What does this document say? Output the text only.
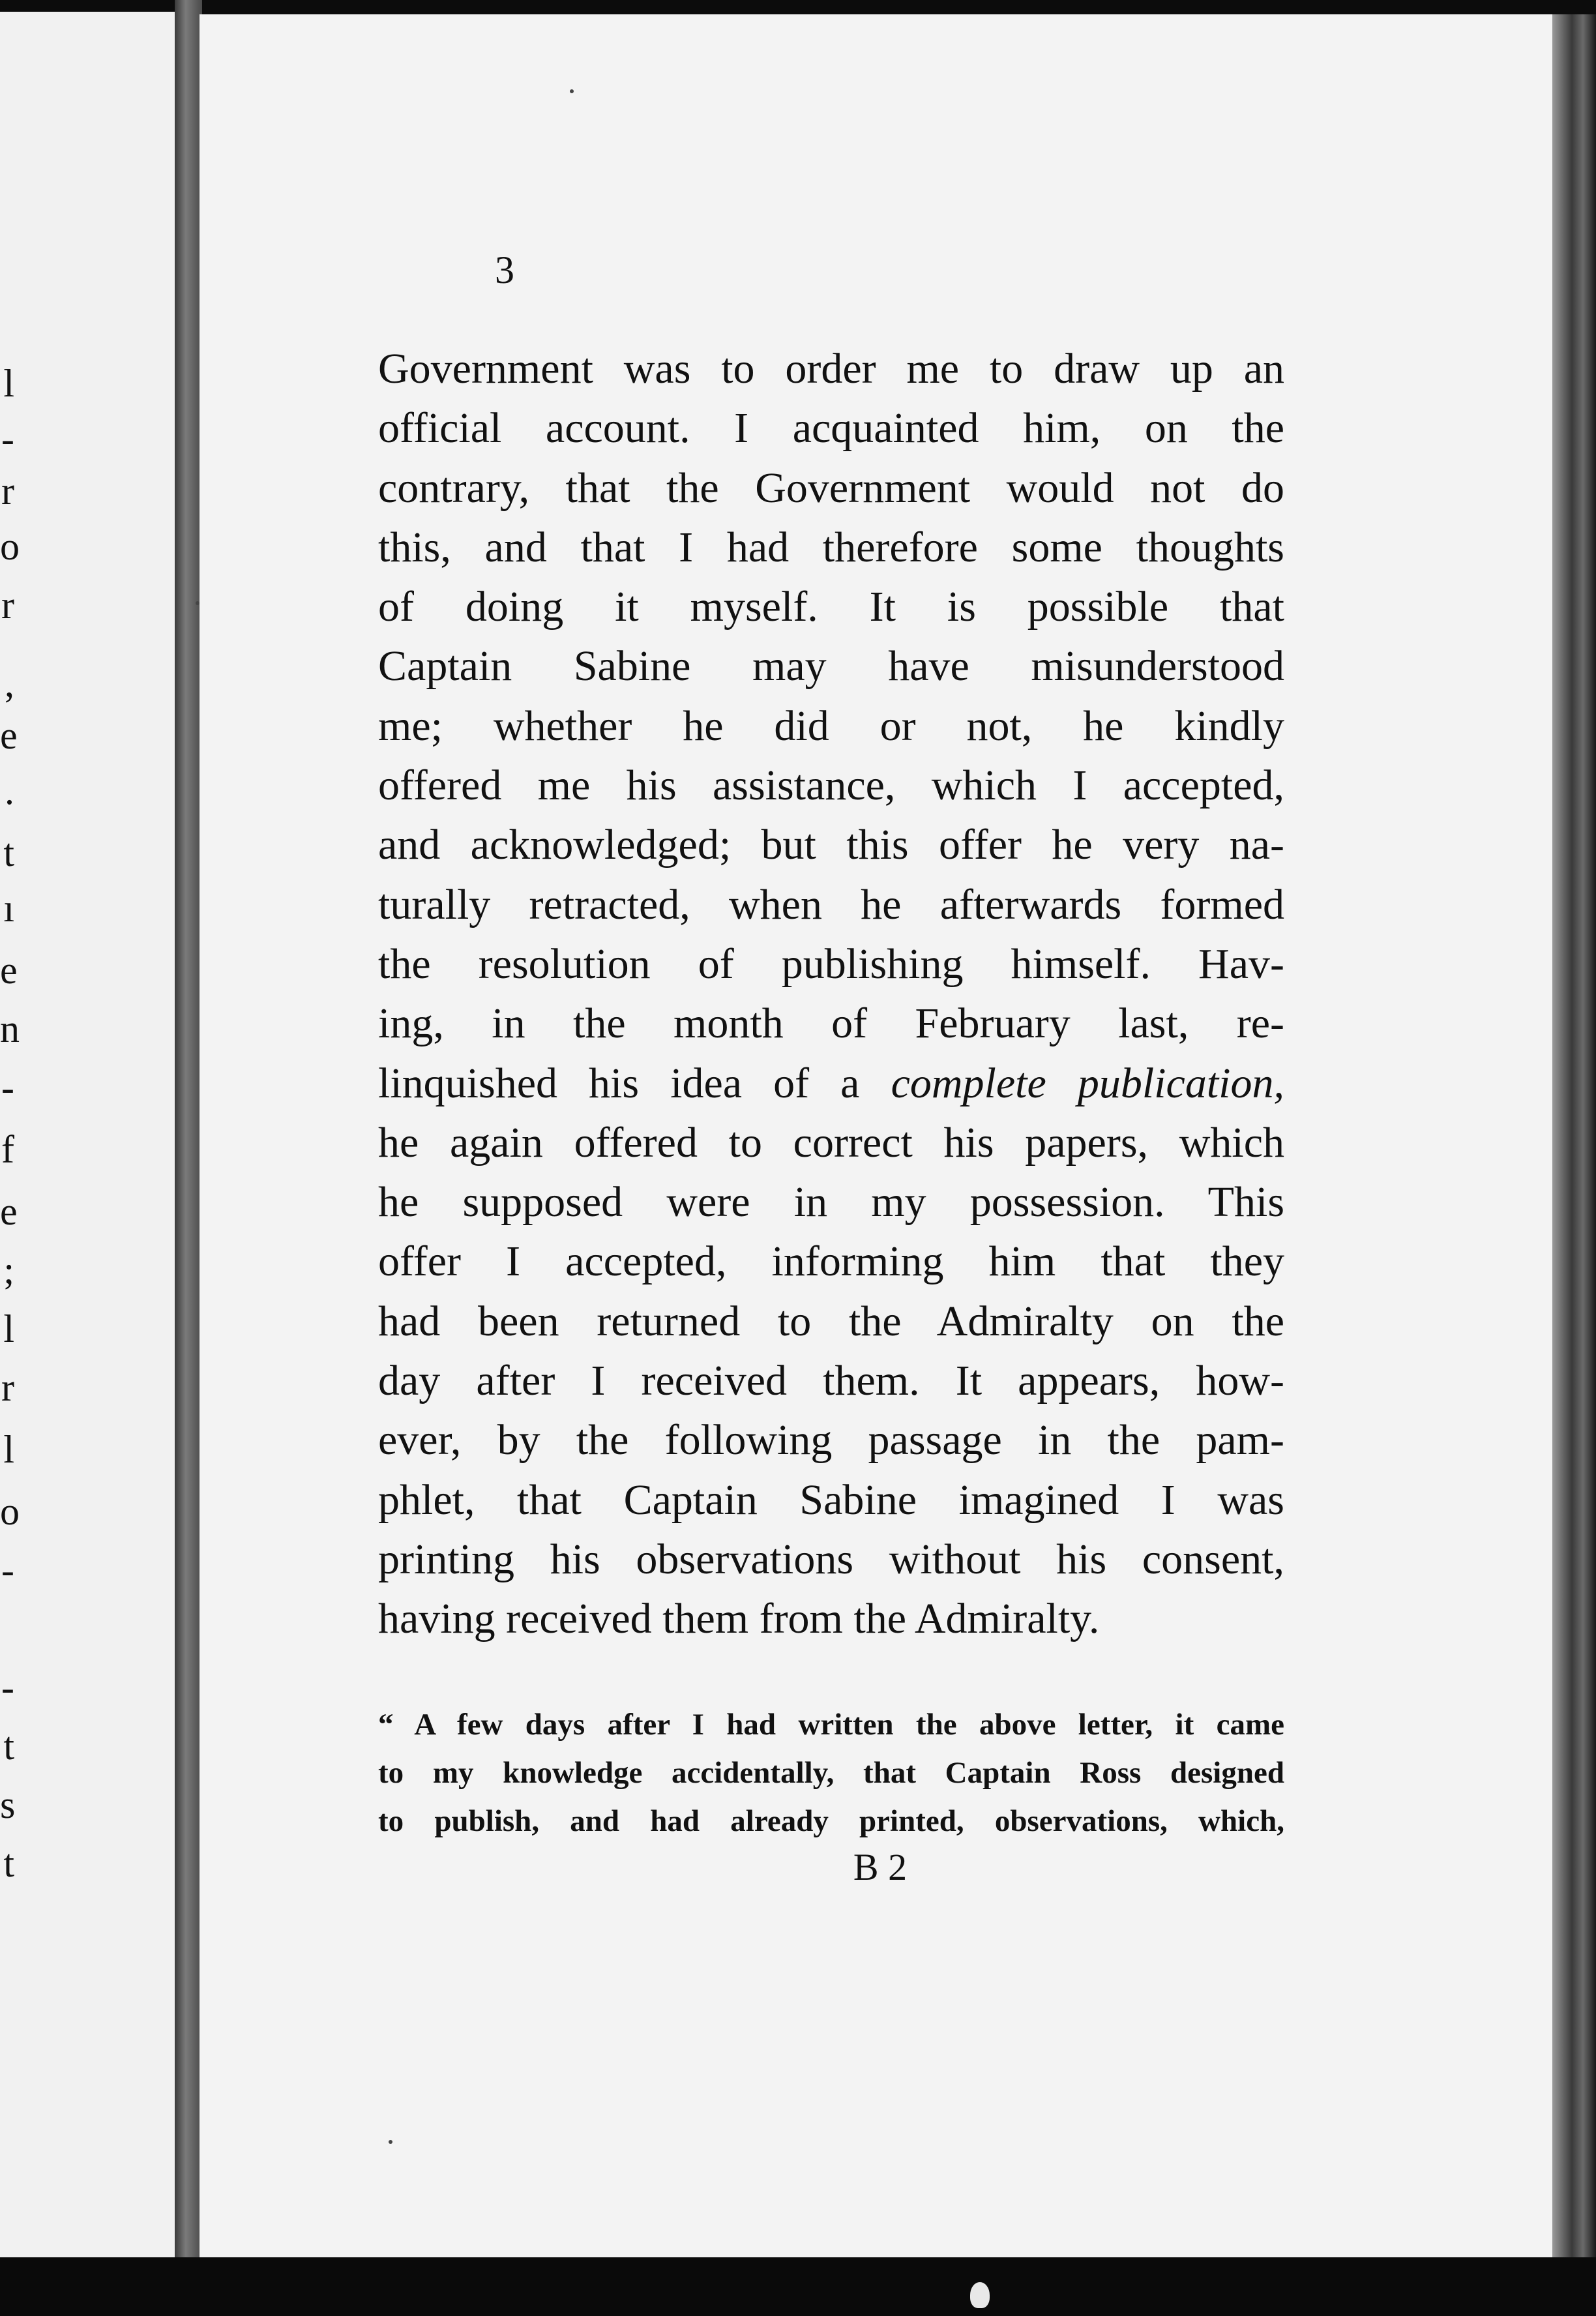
l
-
r
o
r
,
e
.
t
ı
e
n
-
f
e
;
l
r
l
o
-
-
t
s
t
3
Government was to order me to draw up an
official account. I acquainted him, on the
contrary, that the Government would not do
this, and that I had therefore some thoughts
of doing it myself. It is possible that
Captain Sabine may have misunderstood
me; whether he did or not, he kindly
offered me his assistance, which I accepted,
and acknowledged; but this offer he very na-
turally retracted, when he afterwards formed
the resolution of publishing himself. Hav-
ing, in the month of February last, re-
linquished his idea of a complete publication,
he again offered to correct his papers, which
he supposed were in my possession. This
offer I accepted, informing him that they
had been returned to the Admiralty on the
day after I received them. It appears, how-
ever, by the following passage in the pam-
phlet, that Captain Sabine imagined I was
printing his observations without his consent,
having received them from the Admiralty.
“ A few days after I had written the above letter, it came
to my knowledge accidentally, that Captain Ross designed
to publish, and had already printed, observations, which,
B 2
